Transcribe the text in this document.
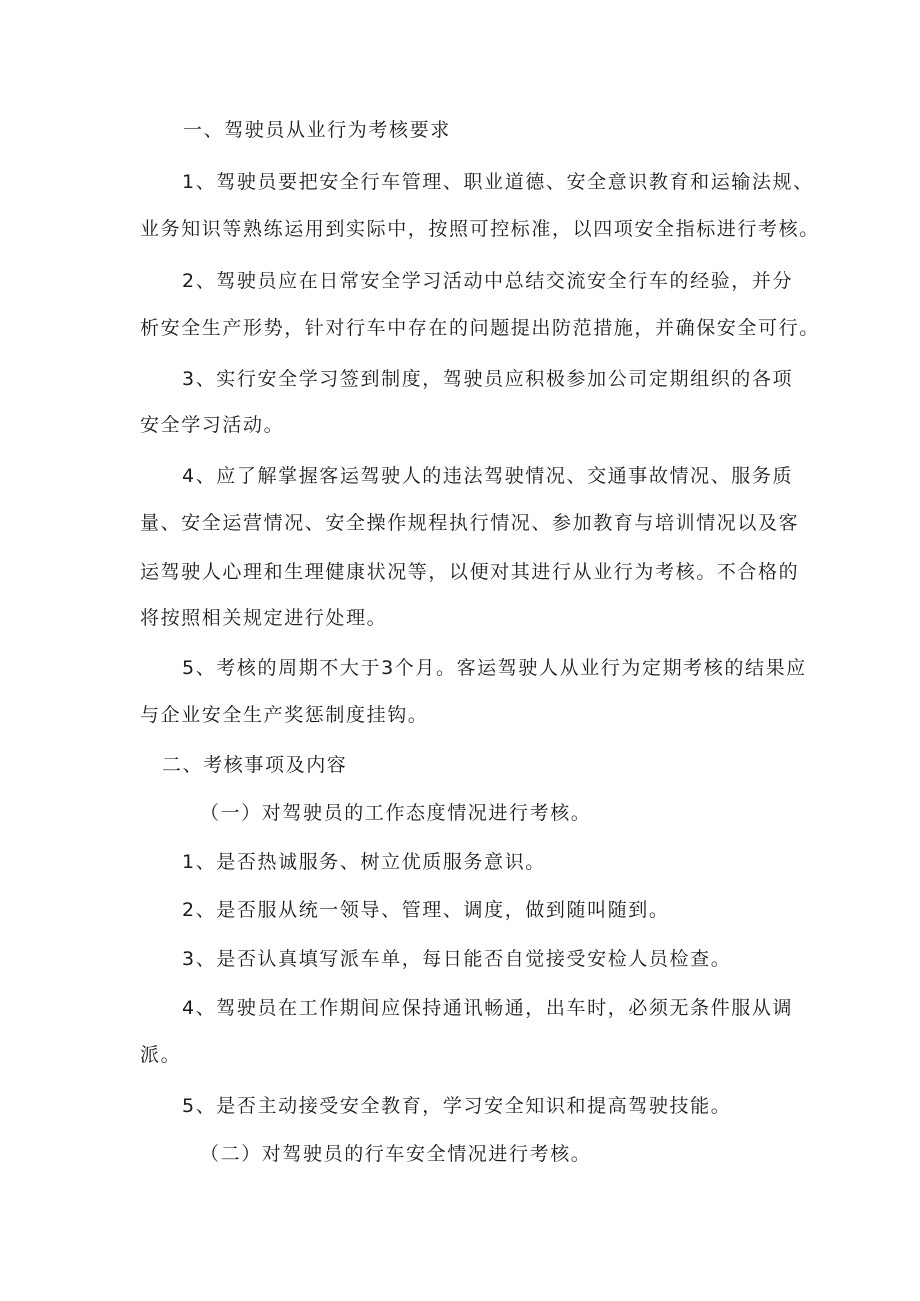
一、驾驶员从业行为考核要求
1、驾驶员要把安全行车管理、职业道德、安全意识教育和运输法规、
业务知识等熟练运用到实际中，按照可控标准，以四项安全指标进行考核。
2、驾驶员应在日常安全学习活动中总结交流安全行车的经验，并分
析安全生产形势，针对行车中存在的问题提出防范措施，并确保安全可行。
3、实行安全学习签到制度，驾驶员应积极参加公司定期组织的各项
安全学习活动。
4、应了解掌握客运驾驶人的违法驾驶情况、交通事故情况、服务质
量、安全运营情况、安全操作规程执行情况、参加教育与培训情况以及客
运驾驶人心理和生理健康状况等，以便对其进行从业行为考核。不合格的
将按照相关规定进行处理。
5、考核的周期不大于3个月。客运驾驶人从业行为定期考核的结果应
与企业安全生产奖惩制度挂钩。
二、考核事项及内容
（一）对驾驶员的工作态度情况进行考核。
1、是否热诚服务、树立优质服务意识。
2、是否服从统一领导、管理、调度，做到随叫随到。
3、是否认真填写派车单，每日能否自觉接受安检人员检查。
4、驾驶员在工作期间应保持通讯畅通，出车时，必须无条件服从调
派。
5、是否主动接受安全教育，学习安全知识和提高驾驶技能。
（二）对驾驶员的行车安全情况进行考核。
